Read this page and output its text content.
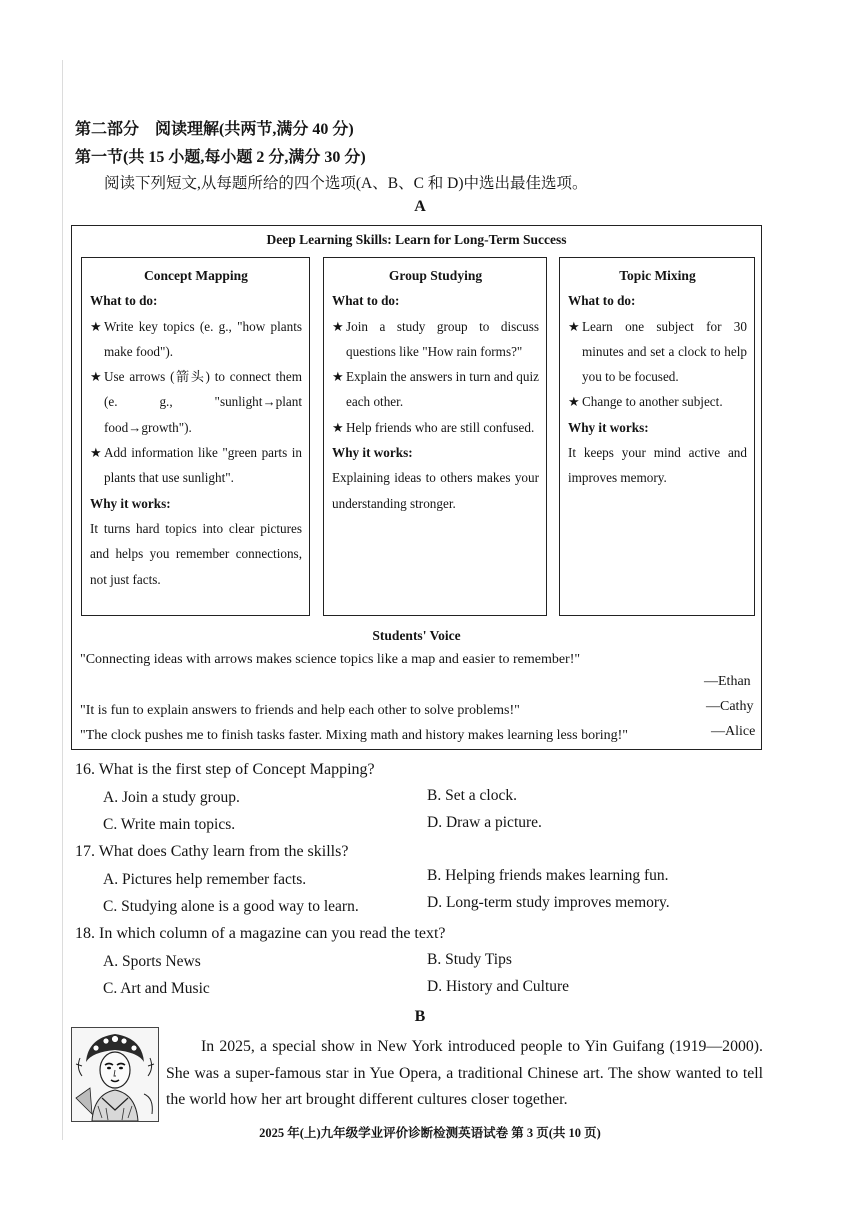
第二部分　阅读理解(共两节,满分 40 分)
第一节(共 15 小题,每小题 2 分,满分 30 分)
阅读下列短文,从每题所给的四个选项(A、B、C 和 D)中选出最佳选项。
A
Deep Learning Skills: Learn for Long-Term Success
Concept Mapping
What to do:
★ Write key topics (e. g., "how plants make food").
★ Use arrows (箭头) to connect them (e. g., "sunlight→plant food→growth").
★ Add information like "green parts in plants that use sunlight".
Why it works:
It turns hard topics into clear pictures and helps you remember connections, not just facts.
Group Studying
What to do:
★ Join a study group to discuss questions like "How rain forms?"
★ Explain the answers in turn and quiz each other.
★ Help friends who are still confused.
Why it works:
Explaining ideas to others makes your understanding stronger.
Topic Mixing
What to do:
★ Learn one subject for 30 minutes and set a clock to help you to be focused.
★ Change to another subject.
Why it works:
It keeps your mind active and improves memory.
Students' Voice
"Connecting ideas with arrows makes science topics like a map and easier to remember!"
—Ethan
"It is fun to explain answers to friends and help each other to solve problems!"	—Cathy
"The clock pushes me to finish tasks faster. Mixing math and history makes learning less boring!"	—Alice
16. What is the first step of Concept Mapping?
A. Join a study group.	B. Set a clock.
C. Write main topics.	D. Draw a picture.
17. What does Cathy learn from the skills?
A. Pictures help remember facts.	B. Helping friends makes learning fun.
C. Studying alone is a good way to learn.	D. Long-term study improves memory.
18. In which column of a magazine can you read the text?
A. Sports News	B. Study Tips
C. Art and Music	D. History and Culture
B
In 2025, a special show in New York introduced people to Yin Guifang (1919—2000). She was a super-famous star in Yue Opera, a traditional Chinese art. The show wanted to tell the world how her art brought different cultures closer together.
2025 年(上)九年级学业评价诊断检测英语试卷 第 3 页(共 10 页)
